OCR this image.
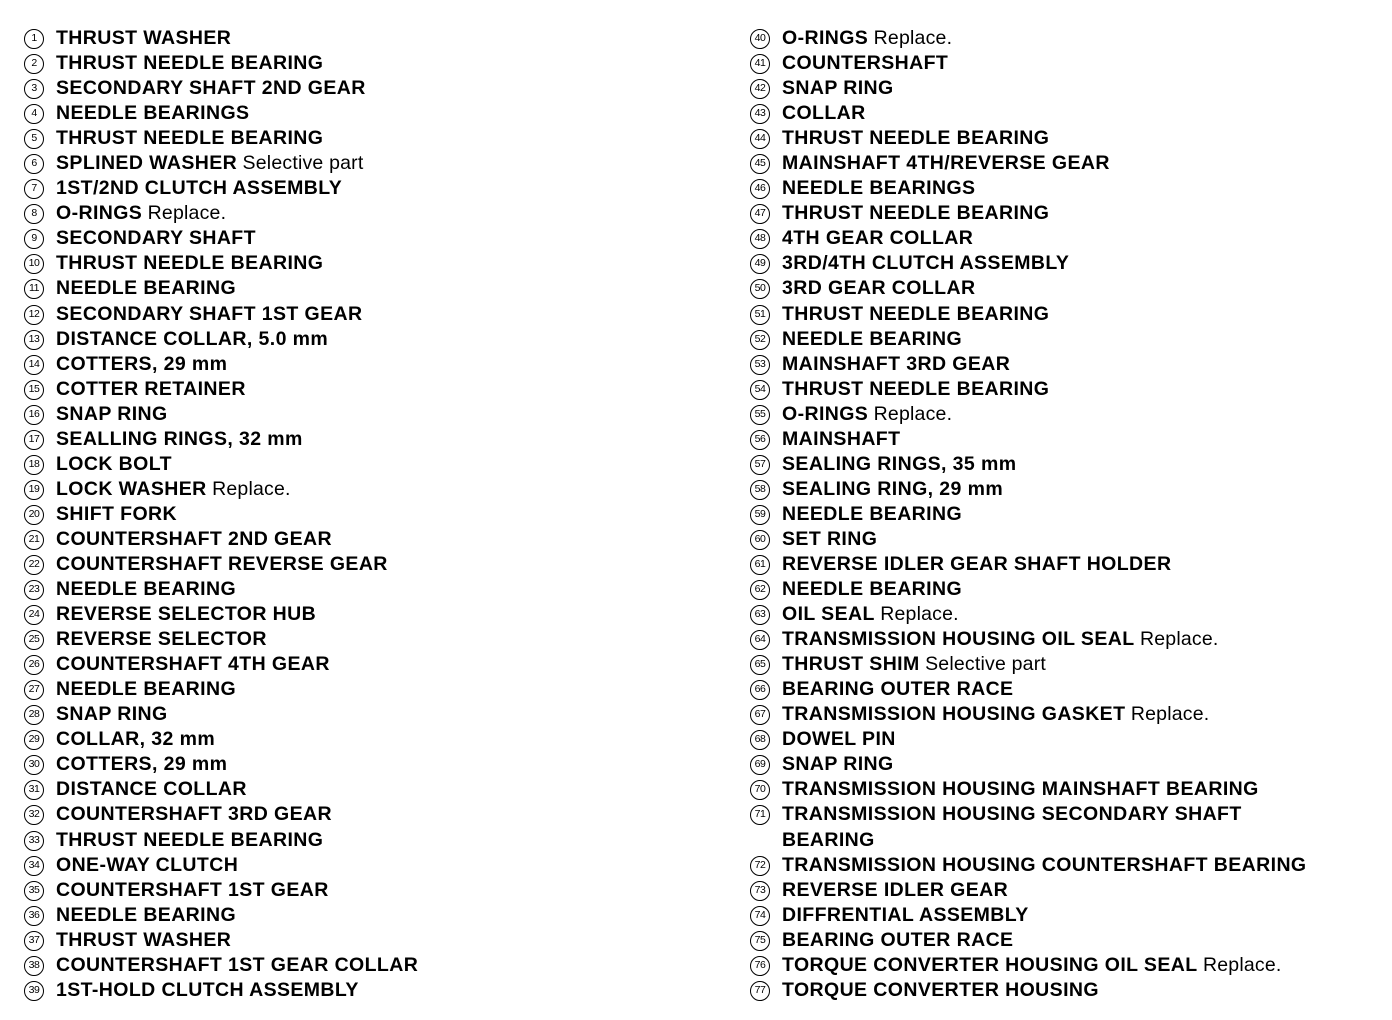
1 THRUST WASHER
2 THRUST NEEDLE BEARING
3 SECONDARY SHAFT 2ND GEAR
4 NEEDLE BEARINGS
5 THRUST NEEDLE BEARING
6 SPLINED WASHER Selective part
7 1ST/2ND CLUTCH ASSEMBLY
8 O-RINGS Replace.
9 SECONDARY SHAFT
10 THRUST NEEDLE BEARING
11 NEEDLE BEARING
12 SECONDARY SHAFT 1ST GEAR
13 DISTANCE COLLAR, 5.0 mm
14 COTTERS, 29 mm
15 COTTER RETAINER
16 SNAP RING
17 SEALLING RINGS, 32 mm
18 LOCK BOLT
19 LOCK WASHER Replace.
20 SHIFT FORK
21 COUNTERSHAFT 2ND GEAR
22 COUNTERSHAFT REVERSE GEAR
23 NEEDLE BEARING
24 REVERSE SELECTOR HUB
25 REVERSE SELECTOR
26 COUNTERSHAFT 4TH GEAR
27 NEEDLE BEARING
28 SNAP RING
29 COLLAR, 32 mm
30 COTTERS, 29 mm
31 DISTANCE COLLAR
32 COUNTERSHAFT 3RD GEAR
33 THRUST NEEDLE BEARING
34 ONE-WAY CLUTCH
35 COUNTERSHAFT 1ST GEAR
36 NEEDLE BEARING
37 THRUST WASHER
38 COUNTERSHAFT 1ST GEAR COLLAR
39 1ST-HOLD CLUTCH ASSEMBLY
40 O-RINGS Replace.
41 COUNTERSHAFT
42 SNAP RING
43 COLLAR
44 THRUST NEEDLE BEARING
45 MAINSHAFT 4TH/REVERSE GEAR
46 NEEDLE BEARINGS
47 THRUST NEEDLE BEARING
48 4TH GEAR COLLAR
49 3RD/4TH CLUTCH ASSEMBLY
50 3RD GEAR COLLAR
51 THRUST NEEDLE BEARING
52 NEEDLE BEARING
53 MAINSHAFT 3RD GEAR
54 THRUST NEEDLE BEARING
55 O-RINGS Replace.
56 MAINSHAFT
57 SEALING RINGS, 35 mm
58 SEALING RING, 29 mm
59 NEEDLE BEARING
60 SET RING
61 REVERSE IDLER GEAR SHAFT HOLDER
62 NEEDLE BEARING
63 OIL SEAL Replace.
64 TRANSMISSION HOUSING OIL SEAL Replace.
65 THRUST SHIM Selective part
66 BEARING OUTER RACE
67 TRANSMISSION HOUSING GASKET Replace.
68 DOWEL PIN
69 SNAP RING
70 TRANSMISSION HOUSING MAINSHAFT BEARING
71 TRANSMISSION HOUSING SECONDARY SHAFT
BEARING
72 TRANSMISSION HOUSING COUNTERSHAFT BEARING
73 REVERSE IDLER GEAR
74 DIFFRENTIAL ASSEMBLY
75 BEARING OUTER RACE
76 TORQUE CONVERTER HOUSING OIL SEAL Replace.
77 TORQUE CONVERTER HOUSING
